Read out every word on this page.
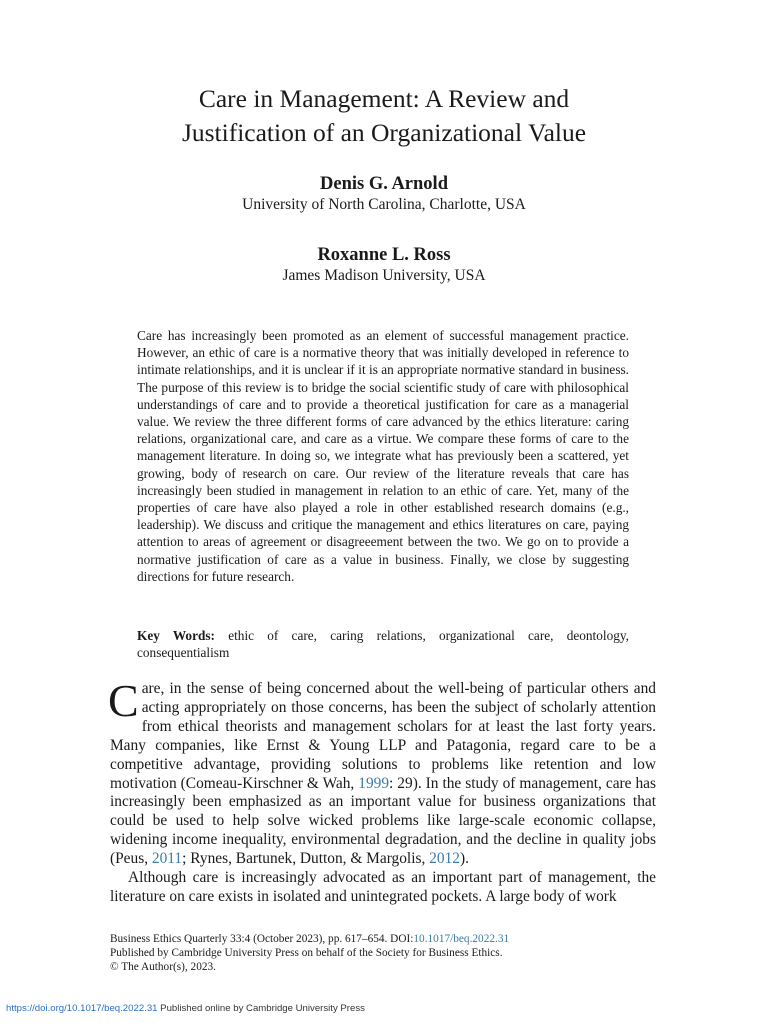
Care in Management: A Review and
Justification of an Organizational Value
Denis G. Arnold
University of North Carolina, Charlotte, USA
Roxanne L. Ross
James Madison University, USA
Care has increasingly been promoted as an element of successful management practice. However, an ethic of care is a normative theory that was initially developed in reference to intimate relationships, and it is unclear if it is an appropriate normative standard in business. The purpose of this review is to bridge the social scientific study of care with philosophical understandings of care and to provide a theoretical justification for care as a managerial value. We review the three different forms of care advanced by the ethics literature: caring relations, organizational care, and care as a virtue. We compare these forms of care to the management literature. In doing so, we integrate what has previously been a scattered, yet growing, body of research on care. Our review of the literature reveals that care has increasingly been studied in management in relation to an ethic of care. Yet, many of the properties of care have also played a role in other established research domains (e.g., leadership). We discuss and critique the management and ethics literatures on care, paying attention to areas of agreement or disagreeement between the two. We go on to provide a normative justification of care as a value in business. Finally, we close by suggesting directions for future research.
Key Words: ethic of care, caring relations, organizational care, deontology, consequentialism

Care, in the sense of being concerned about the well-being of particular others and acting appropriately on those concerns, has been the subject of scholarly attention from ethical theorists and management scholars for at least the last forty years. Many companies, like Ernst & Young LLP and Patagonia, regard care to be a competitive advantage, providing solutions to problems like retention and low motivation (Comeau-Kirschner & Wah, 1999: 29). In the study of management, care has increasingly been emphasized as an important value for business organizations that could be used to help solve wicked problems like large-scale economic collapse, widening income inequality, environmental degradation, and the decline in quality jobs (Peus, 2011; Rynes, Bartunek, Dutton, & Margolis, 2012).

Although care is increasingly advocated as an important part of management, the literature on care exists in isolated and unintegrated pockets. A large body of work

Business Ethics Quarterly 33:4 (October 2023), pp. 617–654. DOI:10.1017/beq.2022.31
Published by Cambridge University Press on behalf of the Society for Business Ethics.
© The Author(s), 2023.
https://doi.org/10.1017/beq.2022.31 Published online by Cambridge University Press
